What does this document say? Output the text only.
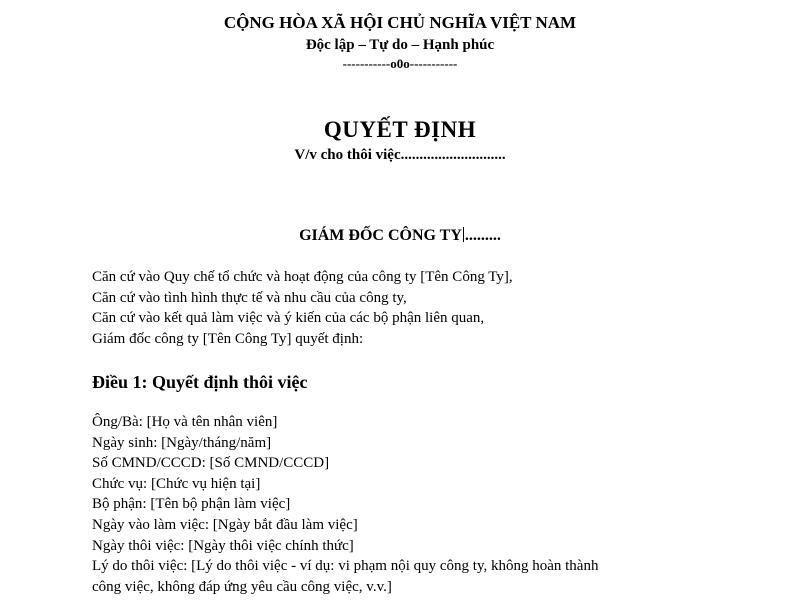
CỘNG HÒA XÃ HỘI CHỦ NGHĨA VIỆT NAM
Độc lập – Tự do – Hạnh phúc
-----------o0o-----------
QUYẾT ĐỊNH
V/v cho thôi việc............................
GIÁM ĐỐC CÔNG TY .........
Căn cứ vào Quy chế tổ chức và hoạt động của công ty [Tên Công Ty],
Căn cứ vào tình hình thực tế và nhu cầu của công ty,
Căn cứ vào kết quả làm việc và ý kiến của các bộ phận liên quan,
Giám đốc công ty [Tên Công Ty] quyết định:
Điều 1: Quyết định thôi việc
Ông/Bà: [Họ và tên nhân viên]
Ngày sinh: [Ngày/tháng/năm]
Số CMND/CCCD: [Số CMND/CCCD]
Chức vụ: [Chức vụ hiện tại]
Bộ phận: [Tên bộ phận làm việc]
Ngày vào làm việc: [Ngày bắt đầu làm việc]
Ngày thôi việc: [Ngày thôi việc chính thức]
Lý do thôi việc: [Lý do thôi việc - ví dụ: vi phạm nội quy công ty, không hoàn thành
công việc, không đáp ứng yêu cầu công việc, v.v.]
